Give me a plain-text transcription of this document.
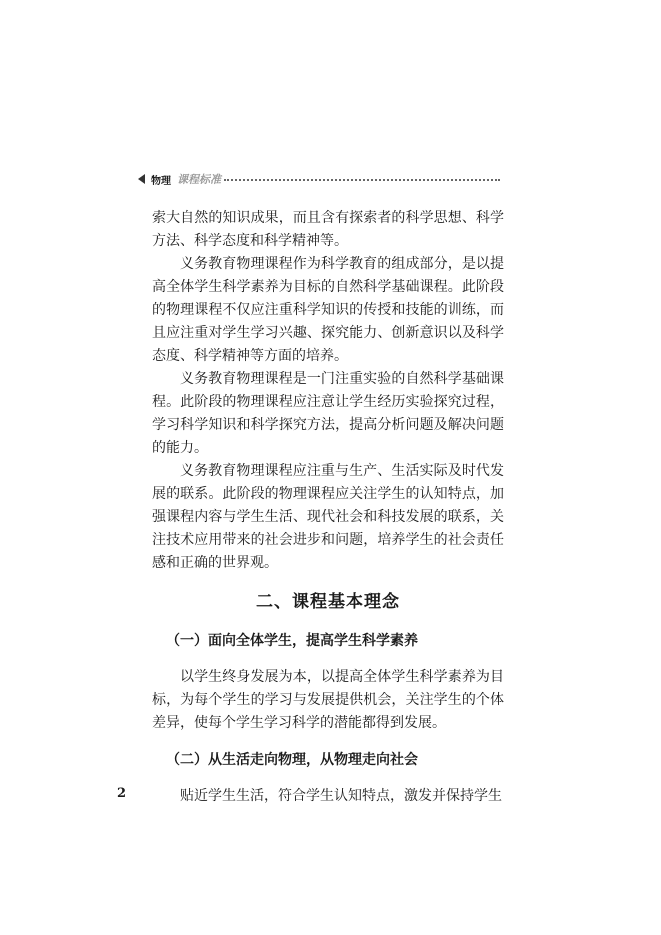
物理 课程标准

索大自然的知识成果，而且含有探索者的科学思想、科学方法、科学态度和科学精神等。

义务教育物理课程作为科学教育的组成部分，是以提高全体学生科学素养为目标的自然科学基础课程。此阶段的物理课程不仅应注重科学知识的传授和技能的训练，而且应注重对学生学习兴趣、探究能力、创新意识以及科学态度、科学精神等方面的培养。

义务教育物理课程是一门注重实验的自然科学基础课程。此阶段的物理课程应注意让学生经历实验探究过程，学习科学知识和科学探究方法，提高分析问题及解决问题的能力。

义务教育物理课程应注重与生产、生活实际及时代发展的联系。此阶段的物理课程应关注学生的认知特点，加强课程内容与学生生活、现代社会和科技发展的联系，关注技术应用带来的社会进步和问题，培养学生的社会责任感和正确的世界观。

二、课程基本理念
（一）面向全体学生，提高学生科学素养

以学生终身发展为本，以提高全体学生科学素养为目标，为每个学生的学习与发展提供机会，关注学生的个体差异，使每个学生学习科学的潜能都得到发展。

（二）从生活走向物理，从物理走向社会

贴近学生生活，符合学生认知特点，激发并保持学生

2
